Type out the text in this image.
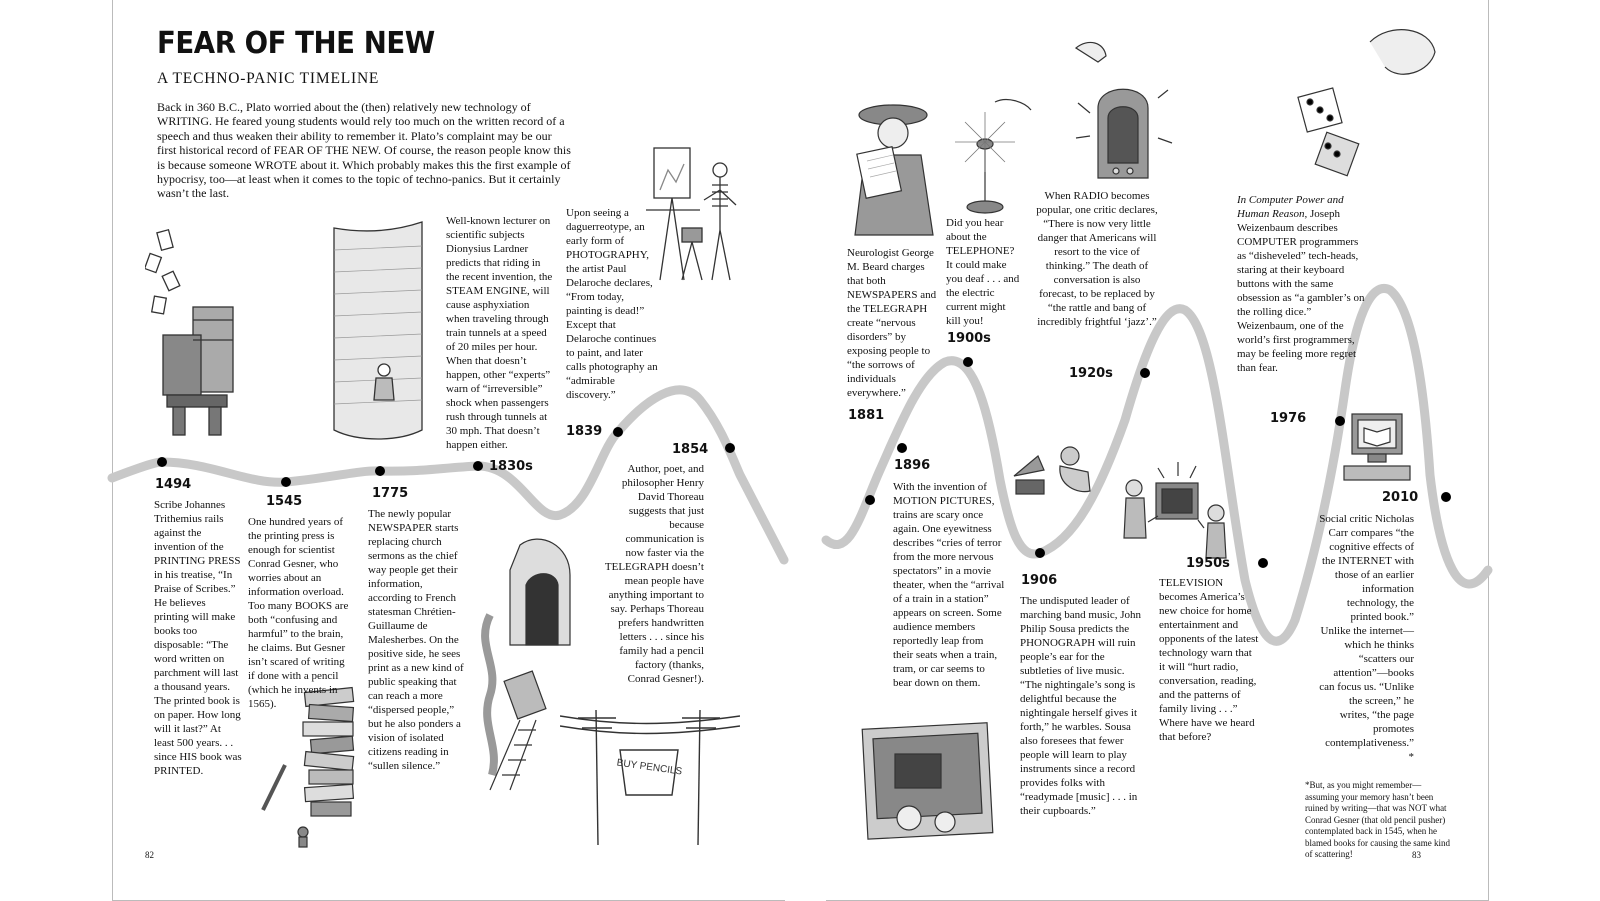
BUY PENCILS
FEAR OF THE NEW
A TECHNO-PANIC TIMELINE
Back in 360 B.C., Plato worried about the (then) relatively new technology of WRITING. He feared young students would rely too much on the written record of a speech and thus weaken their ability to remember it. Plato’s complaint may be our first historical record of FEAR OF THE NEW. Of course, the reason people know this is because someone WROTE about it. Which probably makes this the first example of hypocrisy, too—at least when it comes to the topic of techno-panics. But it certainly wasn’t the last.
1494
Scribe Johannes Trithemius rails against the invention of the PRINTING PRESS in his treatise, “In Praise of Scribes.” He believes printing will make books too disposable: “The word written on parchment will last a thousand years. The printed book is on paper. How long will it last?” At least 500 years. . . since HIS book was PRINTED.
1545
One hundred years of the printing press is enough for scientist Conrad Gesner, who worries about an information overload. Too many BOOKS are both “confusing and harmful” to the brain, he claims. But Gesner isn’t scared of writing if done with a pencil (which he invents in 1565).
1775
The newly popular NEWSPAPER starts replacing church sermons as the chief way people get their information, according to French statesman Chrétien-Guillaume de Malesherbes. On the positive side, he sees print as a new kind of public speaking that can reach a more “dispersed people,” but he also ponders a vision of isolated citizens reading in “sullen silence.”
1830s
Well-known lecturer on scientific subjects Dionysius Lardner predicts that riding in the recent invention, the STEAM ENGINE, will cause asphyxiation when traveling through train tunnels at a speed of 20 miles per hour. When that doesn’t happen, other “experts” warn of “irreversible” shock when passengers rush through tunnels at 30 mph. That doesn’t happen either.
1839
Upon seeing a daguerreotype, an early form of PHOTOGRAPHY, the artist Paul Delaroche declares, “From today, painting is dead!” Except that Delaroche continues to paint, and later calls photography an “admirable discovery.”
1854
Author, poet, and philosopher Henry David Thoreau suggests that just because communication is now faster via the TELEGRAPH doesn’t mean people have anything important to say. Perhaps Thoreau prefers handwritten letters . . . since his family had a pencil factory (thanks, Conrad Gesner!).
1881
Neurologist George M. Beard charges that both NEWSPAPERS and the TELEGRAPH create “nervous disorders” by exposing people to “the sorrows of individuals everywhere.”
1896
With the invention of MOTION PICTURES, trains are scary once again. One eyewitness describes “cries of terror from the more nervous spectators” in a movie theater, when the “arrival of a train in a station” appears on screen. Some audience members reportedly leap from their seats when a train, tram, or car seems to bear down on them.
1900s
Did you hear about the TELEPHONE? It could make you deaf . . . and the electric current might kill you!
1906
The undisputed leader of marching band music, John Philip Sousa predicts the PHONOGRAPH will ruin people’s ear for the subtleties of live music. “The nightingale’s song is delightful because the nightingale herself gives it forth,” he warbles. Sousa also foresees that fewer people will learn to play instruments since a record provides folks with “readymade [music] . . . in their cupboards.”
1920s
When RADIO becomes popular, one critic declares, “There is now very little danger that Americans will resort to the vice of thinking.” The death of conversation is also forecast, to be replaced by “the rattle and bang of incredibly frightful ‘jazz’.”
1950s
TELEVISION becomes America’s new choice for home entertainment and opponents of the latest technology warn that it will “hurt radio, conversation, reading, and the patterns of family living . . .” Where have we heard that before?
1976
In Computer Power and Human Reason, Joseph Weizenbaum describes COMPUTER programmers as “disheveled” tech-heads, staring at their keyboard buttons with the same obsession as “a gambler’s on the rolling dice.” Weizenbaum, one of the world’s first programmers, may be feeling more regret than fear.
2010
Social critic Nicholas Carr compares “the cognitive effects of the INTERNET with those of an earlier information technology, the printed book.” Unlike the internet—which he thinks “scatters our attention”—books can focus us. “Unlike the screen,” he writes, “the page promotes contemplativeness.” *
*But, as you might remember—assuming your memory hasn’t been ruined by writing—that was NOT what Conrad Gesner (that old pencil pusher) contemplated back in 1545, when he blamed books for causing the same kind of scattering!
82	83
